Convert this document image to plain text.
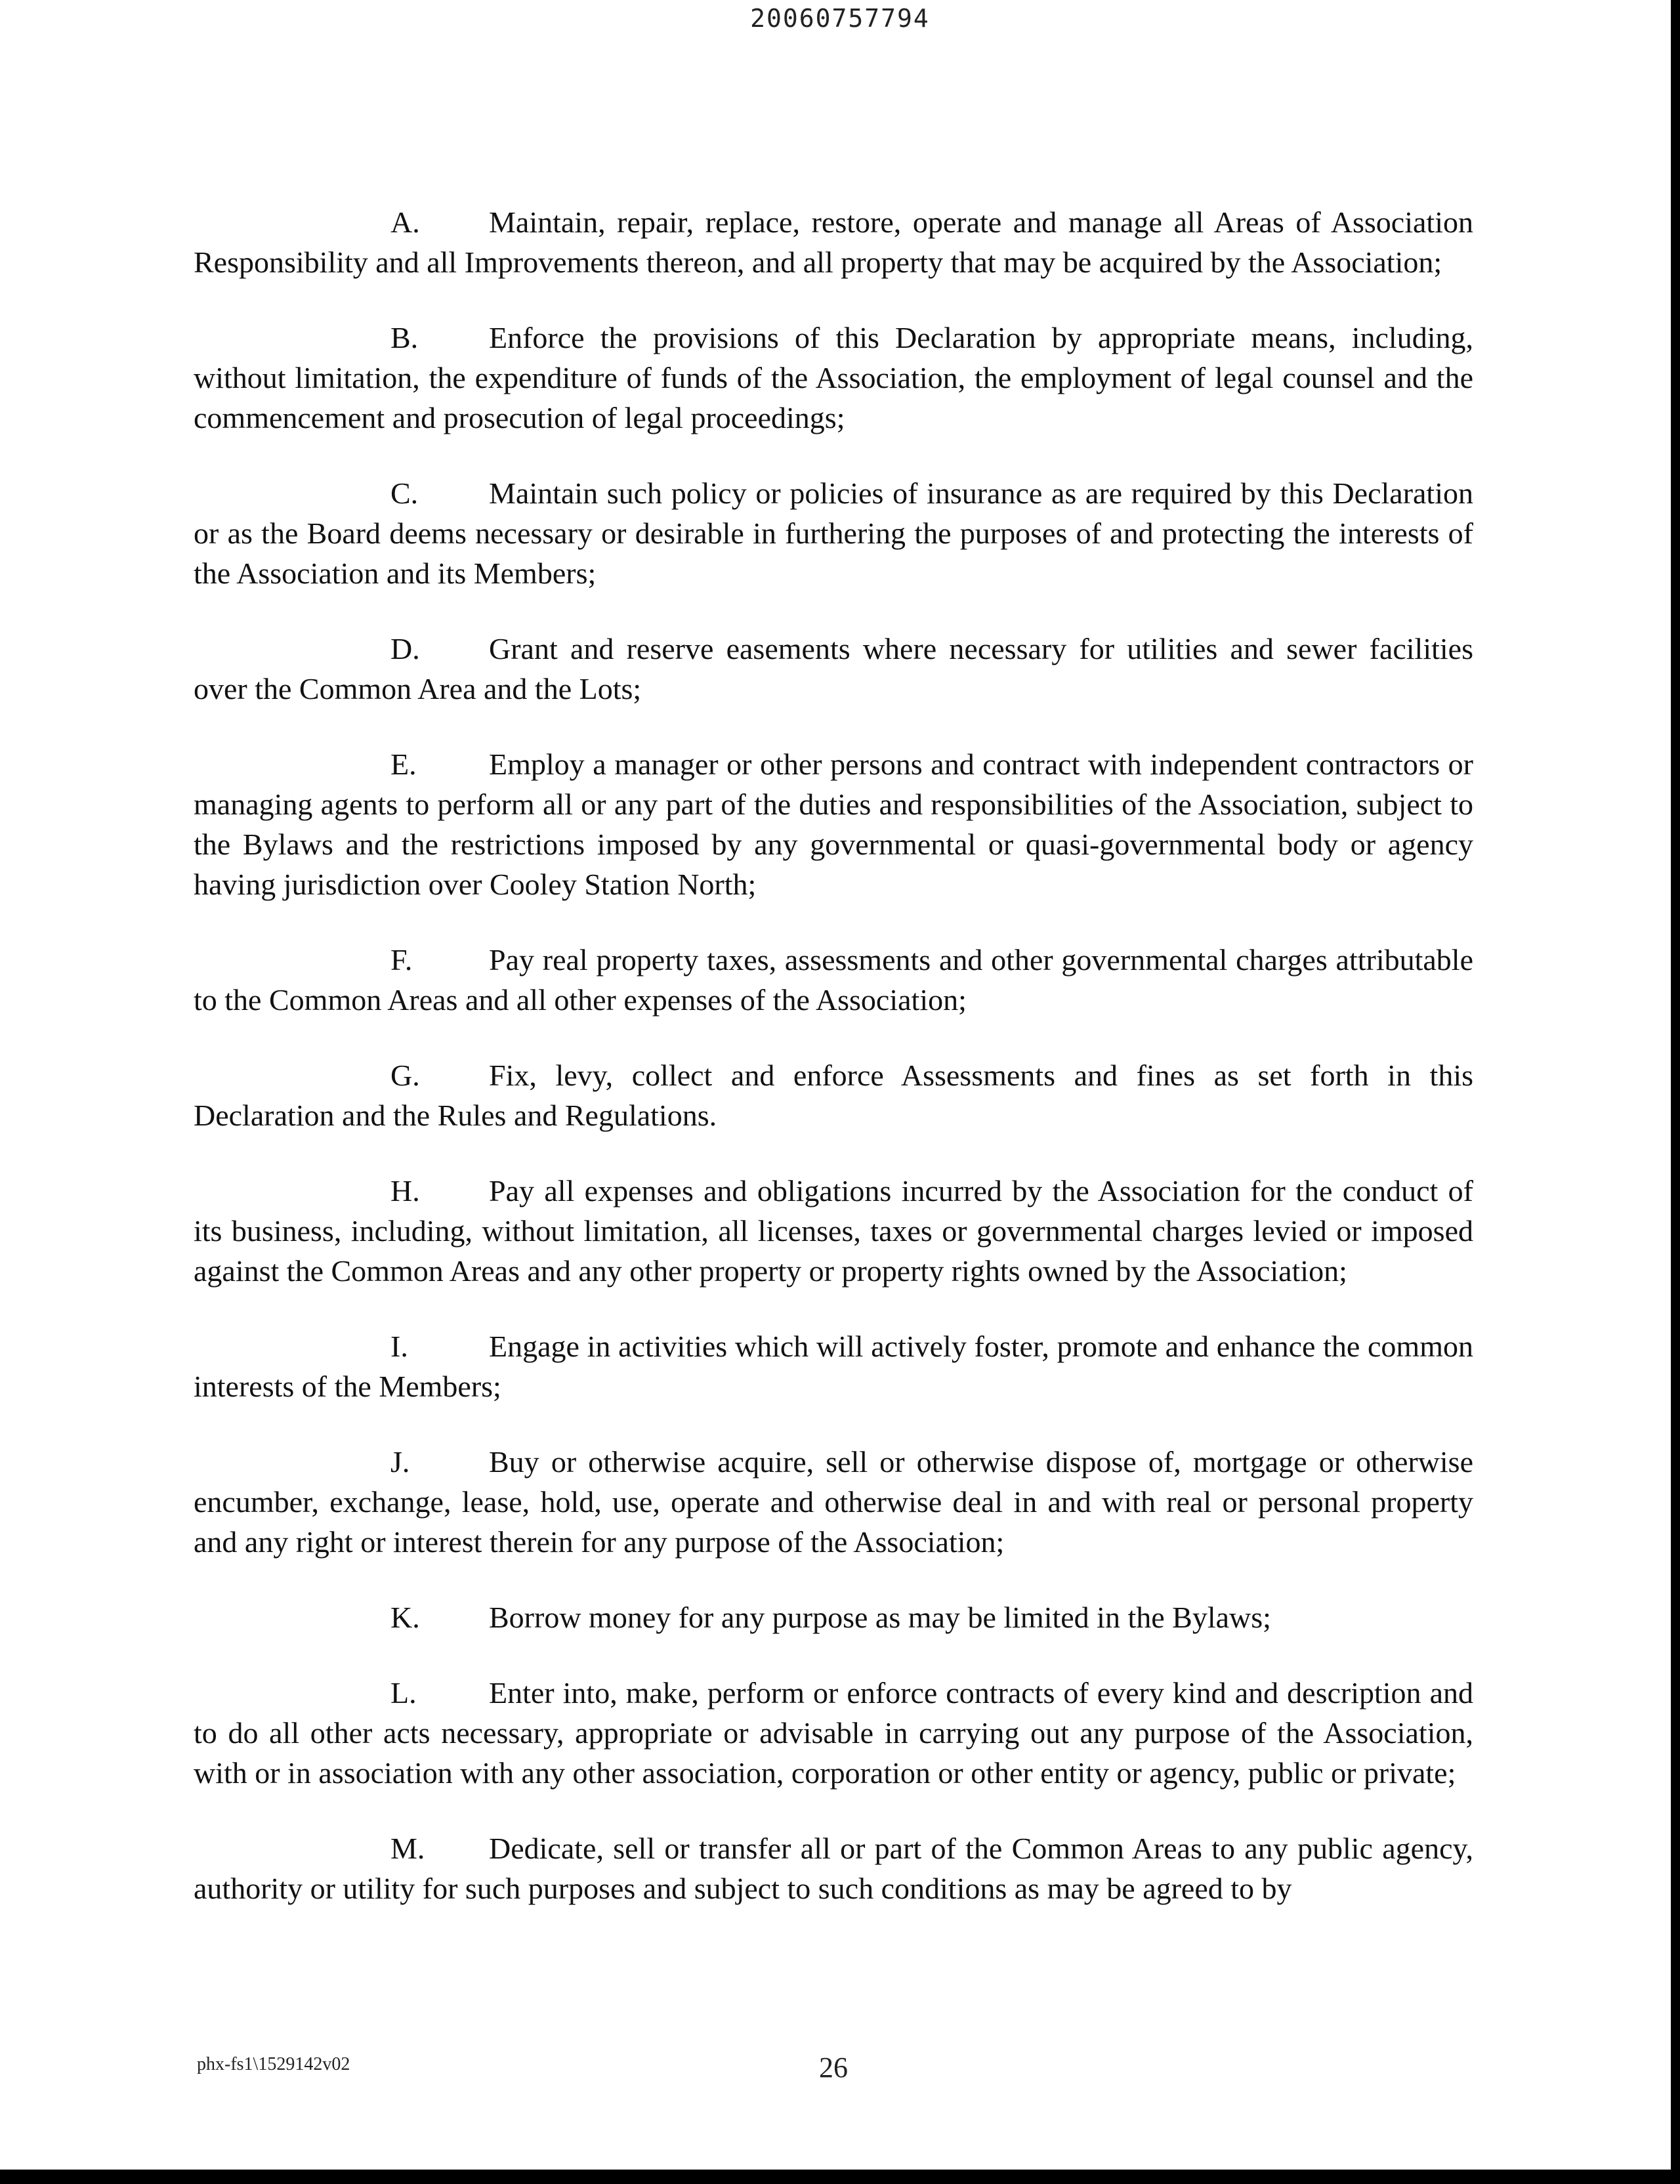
20060757794

A. Maintain, repair, replace, restore, operate and manage all Areas of Association Responsibility and all Improvements thereon, and all property that may be acquired by the Association;

B. Enforce the provisions of this Declaration by appropriate means, including, without limitation, the expenditure of funds of the Association, the employment of legal counsel and the commencement and prosecution of legal proceedings;

C. Maintain such policy or policies of insurance as are required by this Declaration or as the Board deems necessary or desirable in furthering the purposes of and protecting the interests of the Association and its Members;

D. Grant and reserve easements where necessary for utilities and sewer facilities over the Common Area and the Lots;

E. Employ a manager or other persons and contract with independent contractors or managing agents to perform all or any part of the duties and responsibilities of the Association, subject to the Bylaws and the restrictions imposed by any governmental or quasi-governmental body or agency having jurisdiction over Cooley Station North;

F.	Pay real property taxes, assessments and other governmental charges attributable to the Common Areas and all other expenses of the Association;

G. Fix, levy, collect and enforce Assessments and fines as set forth in this Declaration and the Rules and Regulations.

H. Pay all expenses and obligations incurred by the Association for the conduct of its business, including, without limitation, all licenses, taxes or governmental charges levied or imposed against the Common Areas and any other property or property rights owned by the Association;

I.	Engage in activities which will actively foster, promote and enhance the common interests of the Members;

J.	Buy or otherwise acquire, sell or otherwise dispose of, mortgage or otherwise encumber, exchange, lease, hold, use, operate and otherwise deal in and with real or personal property and any right or interest therein for any purpose of the Association;

K. Borrow money for any purpose as may be limited in the Bylaws;

L. Enter into, make, perform or enforce contracts of every kind and description and to do all other acts necessary, appropriate or advisable in carrying out any purpose of the Association, with or in association with any other association, corporation or other entity or agency, public or private;

M. Dedicate, sell or transfer all or part of the Common Areas to any public agency, authority or utility for such purposes and subject to such conditions as may be agreed to by

phx-fs1\1529142v02	26
